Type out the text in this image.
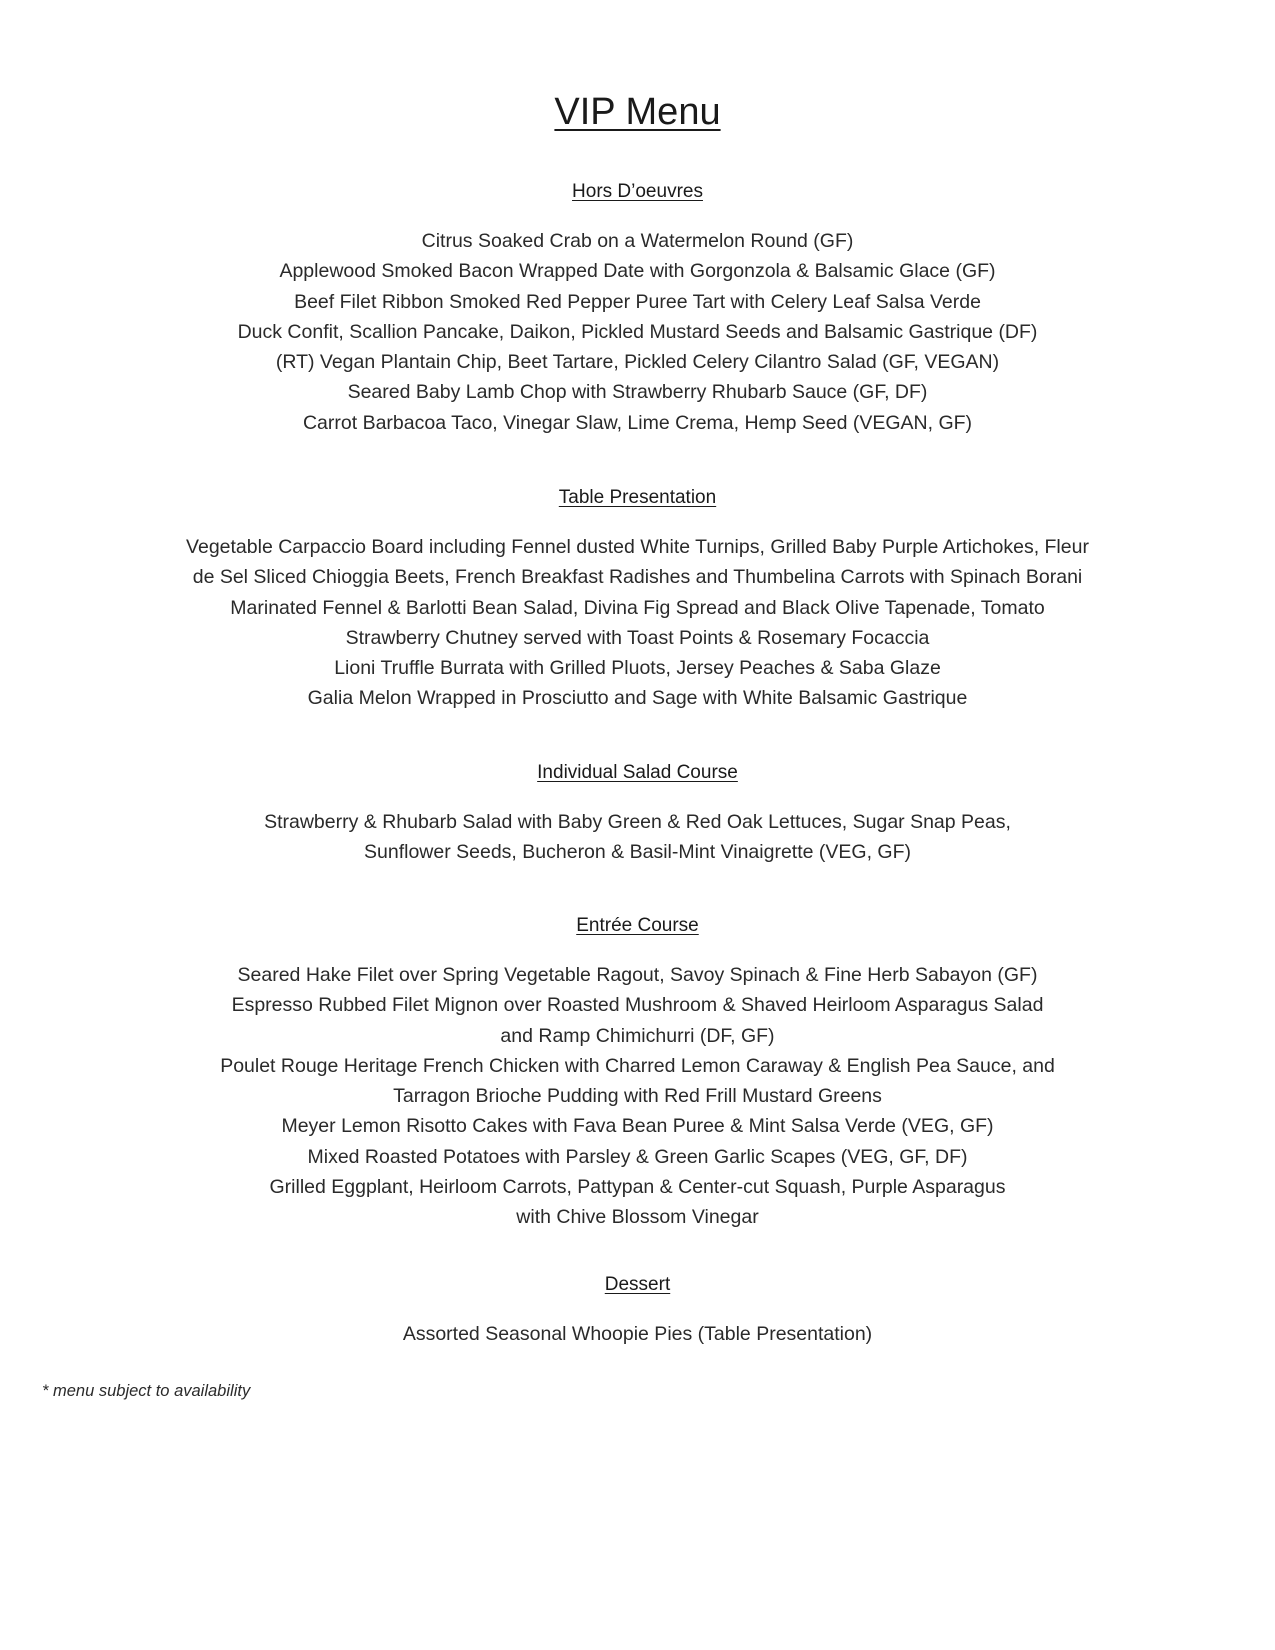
VIP Menu
Hors D’oeuvres
Citrus Soaked Crab on a Watermelon Round (GF)
Applewood Smoked Bacon Wrapped Date with Gorgonzola & Balsamic Glace (GF)
Beef Filet Ribbon Smoked Red Pepper Puree Tart with Celery Leaf Salsa Verde
Duck Confit, Scallion Pancake, Daikon, Pickled Mustard Seeds and Balsamic Gastrique (DF)
(RT) Vegan Plantain Chip, Beet Tartare, Pickled Celery Cilantro Salad (GF, VEGAN)
Seared Baby Lamb Chop with Strawberry Rhubarb Sauce (GF, DF)
Carrot Barbacoa Taco, Vinegar Slaw, Lime Crema, Hemp Seed (VEGAN, GF)
Table Presentation
Vegetable Carpaccio Board including Fennel dusted White Turnips, Grilled Baby Purple Artichokes, Fleur
de Sel Sliced Chioggia Beets, French Breakfast Radishes and Thumbelina Carrots with Spinach Borani
Marinated Fennel & Barlotti Bean Salad, Divina Fig Spread and Black Olive Tapenade, Tomato
Strawberry Chutney served with Toast Points & Rosemary Focaccia
Lioni Truffle Burrata with Grilled Pluots, Jersey Peaches & Saba Glaze
Galia Melon Wrapped in Prosciutto and Sage with White Balsamic Gastrique
Individual Salad Course
Strawberry & Rhubarb Salad with Baby Green & Red Oak Lettuces, Sugar Snap Peas,
Sunflower Seeds, Bucheron & Basil-Mint Vinaigrette (VEG, GF)
Entrée Course
Seared Hake Filet over Spring Vegetable Ragout, Savoy Spinach & Fine Herb Sabayon (GF)
Espresso Rubbed Filet Mignon over Roasted Mushroom & Shaved Heirloom Asparagus Salad
and Ramp Chimichurri (DF, GF)
Poulet Rouge Heritage French Chicken with Charred Lemon Caraway & English Pea Sauce, and
Tarragon Brioche Pudding with Red Frill Mustard Greens
Meyer Lemon Risotto Cakes with Fava Bean Puree & Mint Salsa Verde (VEG, GF)
Mixed Roasted Potatoes with Parsley & Green Garlic Scapes (VEG, GF, DF)
Grilled Eggplant, Heirloom Carrots, Pattypan & Center-cut Squash, Purple Asparagus
with Chive Blossom Vinegar
Dessert
Assorted Seasonal Whoopie Pies (Table Presentation)
* menu subject to availability
